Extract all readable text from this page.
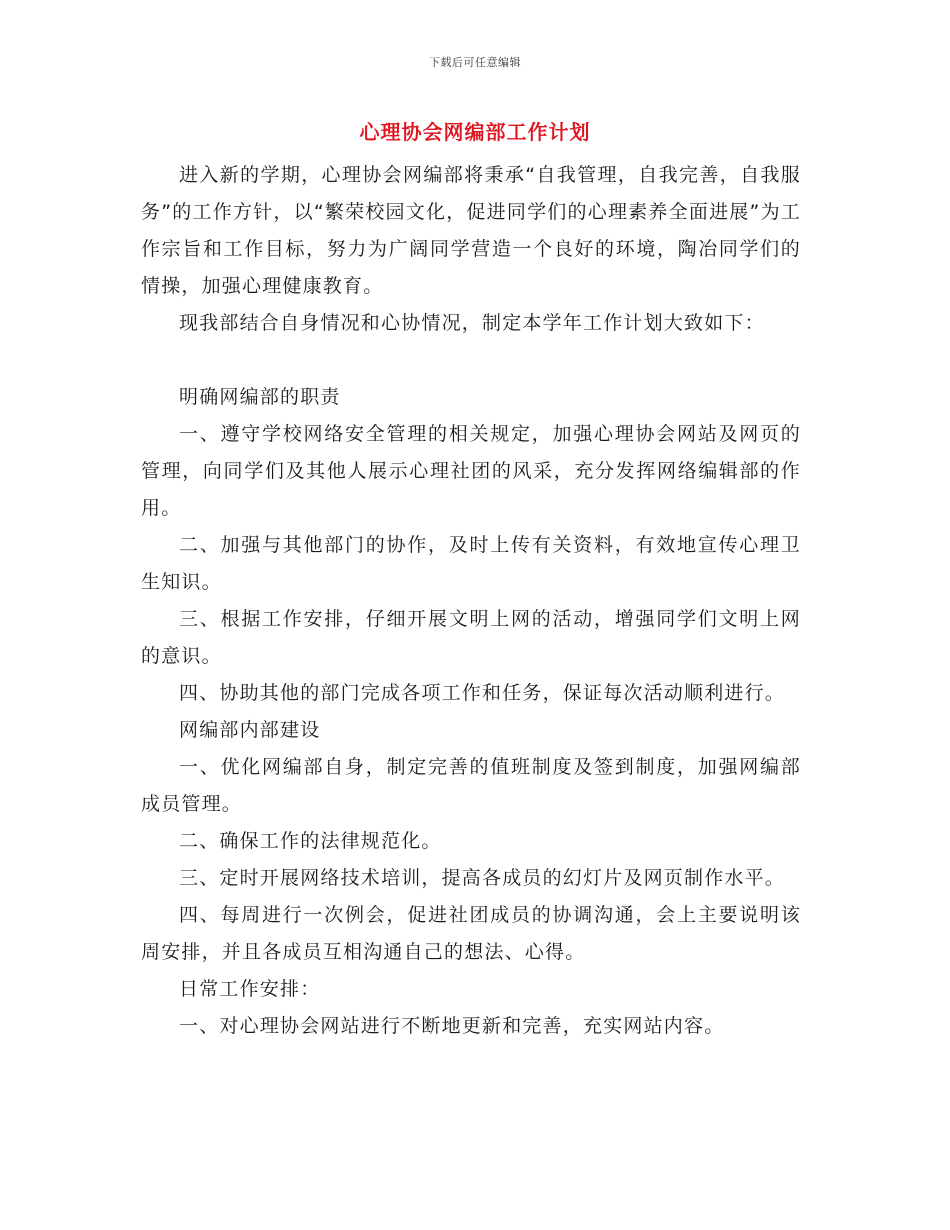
下载后可任意编辑
心理协会网编部工作计划

进入新的学期，心理协会网编部将秉承“自我管理，自我完善，自我服务”的工作方针，以“繁荣校园文化，促进同学们的心理素养全面进展”为工作宗旨和工作目标，努力为广阔同学营造一个良好的环境，陶冶同学们的情操，加强心理健康教育。

现我部结合自身情况和心协情况，制定本学年工作计划大致如下：

明确网编部的职责

一、遵守学校网络安全管理的相关规定，加强心理协会网站及网页的管理，向同学们及其他人展示心理社团的风采，充分发挥网络编辑部的作用。

二、加强与其他部门的协作，及时上传有关资料，有效地宣传心理卫生知识。

三、根据工作安排，仔细开展文明上网的活动，增强同学们文明上网的意识。

四、协助其他的部门完成各项工作和任务，保证每次活动顺利进行。

网编部内部建设

一、优化网编部自身，制定完善的值班制度及签到制度，加强网编部成员管理。

二、确保工作的法律规范化。

三、定时开展网络技术培训，提高各成员的幻灯片及网页制作水平。

四、每周进行一次例会，促进社团成员的协调沟通，会上主要说明该周安排，并且各成员互相沟通自己的想法、心得。

日常工作安排：

一、对心理协会网站进行不断地更新和完善，充实网站内容。
